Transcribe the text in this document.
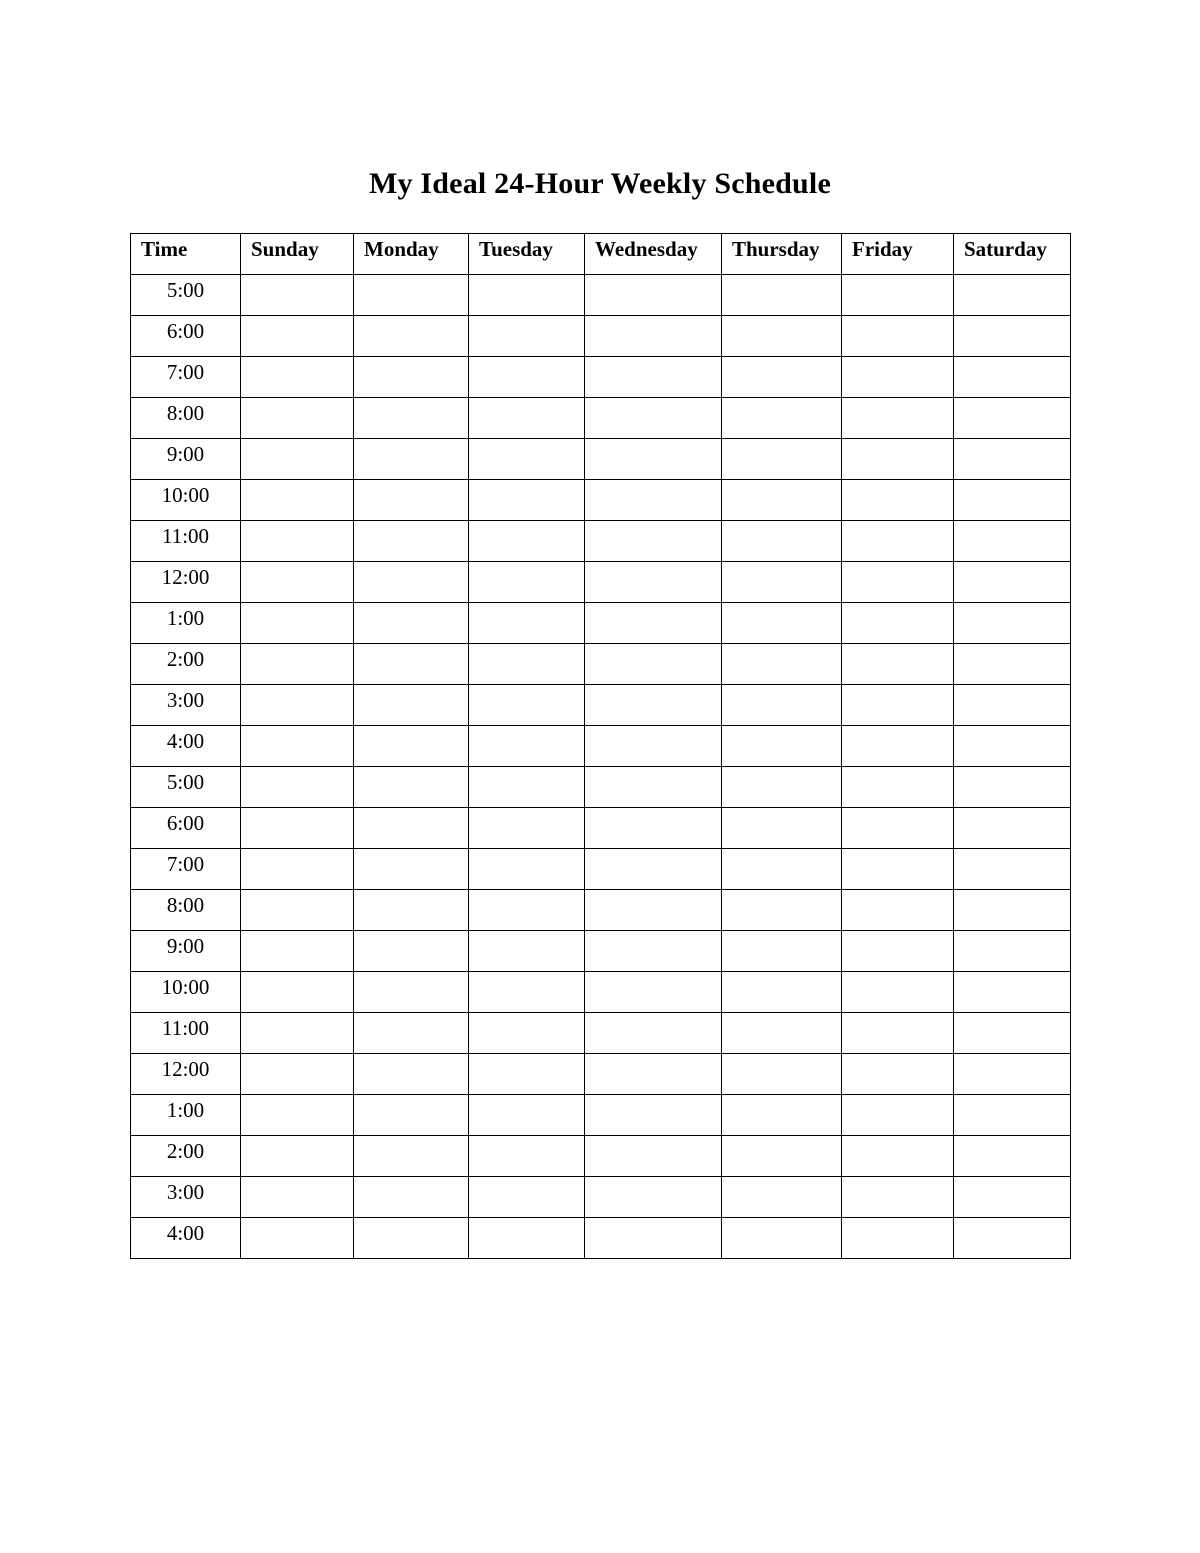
My Ideal 24-Hour Weekly Schedule
Time	Sunday	Monday	Tuesday	Wednesday	Thursday	Friday	Saturday
5:00							
6:00							
7:00							
8:00							
9:00							
10:00							
11:00							
12:00							
1:00							
2:00							
3:00							
4:00							
5:00							
6:00							
7:00							
8:00							
9:00							
10:00							
11:00							
12:00							
1:00							
2:00							
3:00							
4:00							
